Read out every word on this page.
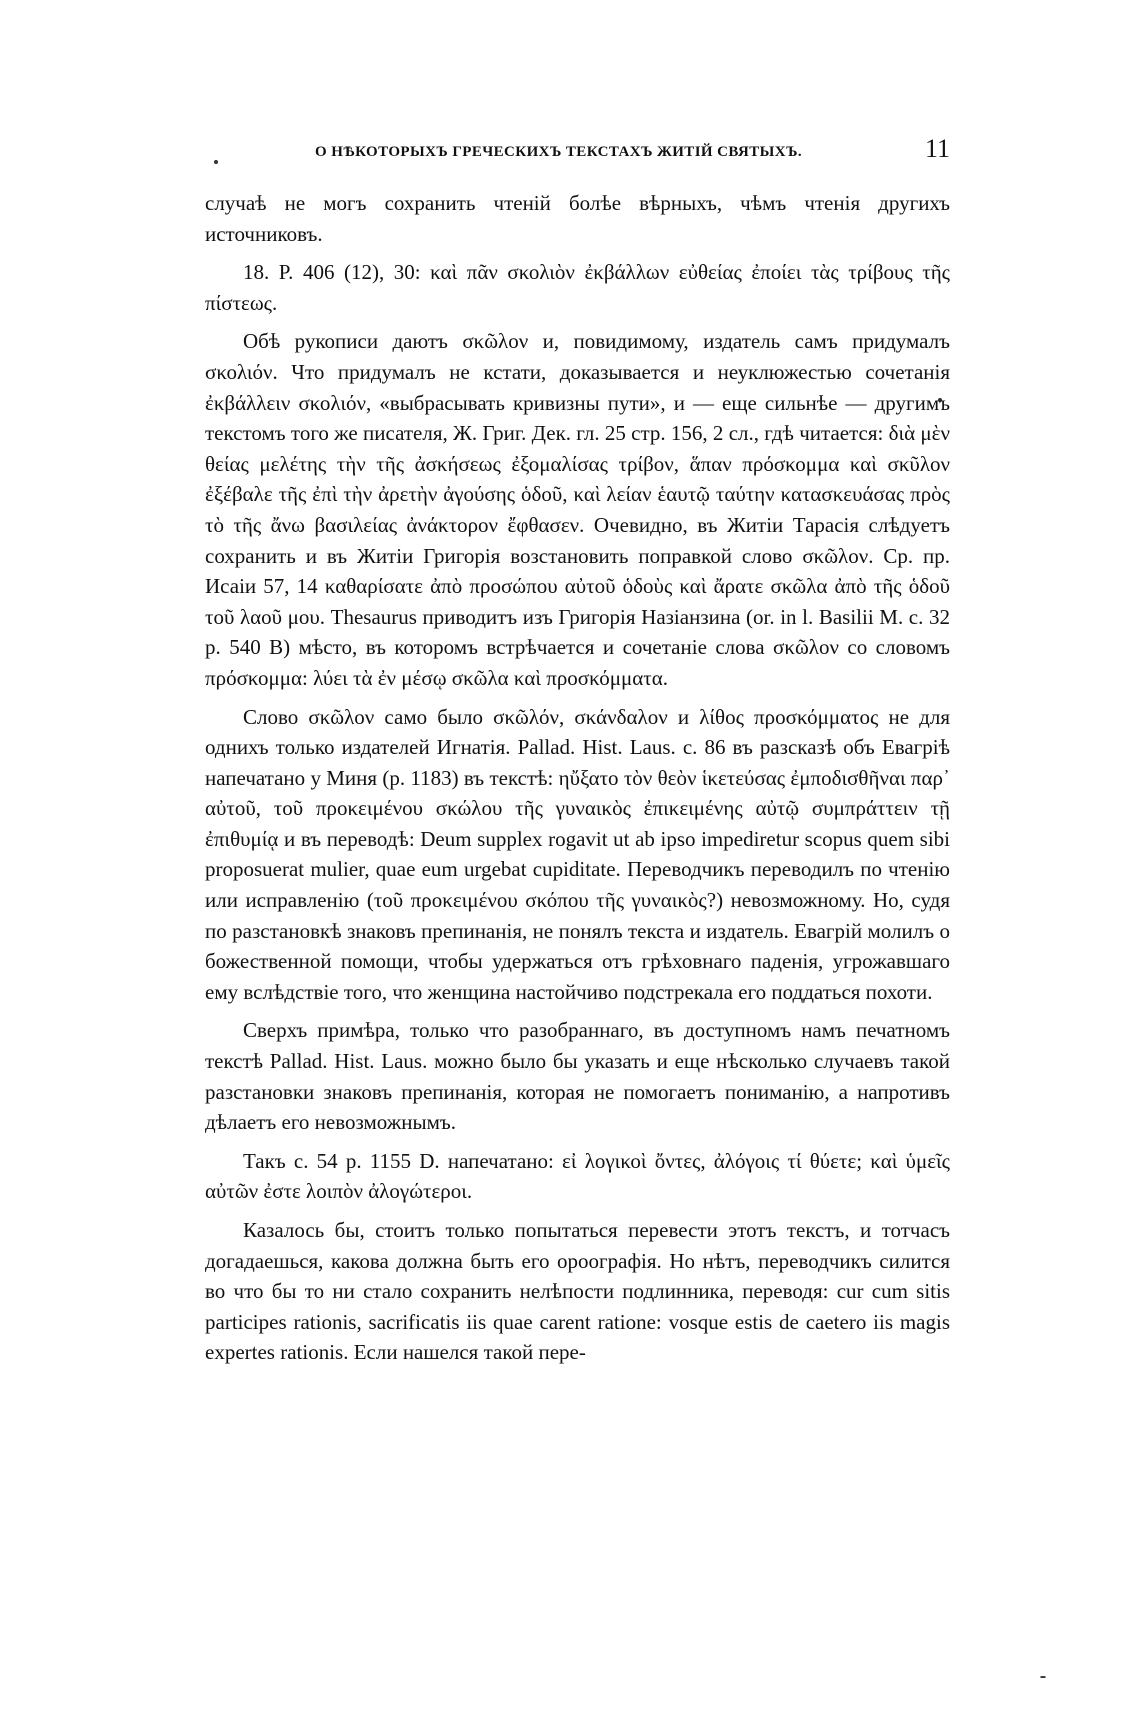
О НѢКОТОРЫХЪ ГРЕЧЕСКИХЪ ТЕКСТАХЪ ЖИТІЙ СВЯТЫХЪ.	11

случаѣ не могъ сохранить чтеній болѣе вѣрныхъ, чѣмъ чтенія другихъ источниковъ.

18. P. 406 (12), 30: καὶ πᾶν σκολιὸν ἐκβάλλων εὐθείας ἐποίει τὰς τρίβους τῆς πίστεως.

Обѣ рукописи даютъ σκῶλον и, повидимому, издатель самъ придумалъ σκολιόν. Что придумалъ не кстати, доказывается и неуклюжестью сочетанія ἐκβάλλειν σκολιόν, «выбрасывать кривизны пути», и — еще сильнѣе — другимъ текстомъ того же писателя, Ж. Григ. Дек. гл. 25 стр. 156, 2 сл., гдѣ читается: διὰ μὲν θείας μελέτης τὴν τῆς ἀσκήσεως ἐξομαλίσας τρίβον, ἅπαν πρόσκομμα καὶ σκῦλον ἐξέβαλε τῆς ἐπὶ τὴν ἀρετὴν ἀγούσης ὁδοῦ, καὶ λείαν ἑαυτῷ ταύτην κατασκευάσας πρὸς τὸ τῆς ἄνω βασιλείας ἀνάκτορον ἔφθασεν. Очевидно, въ Житіи Тарасія слѣдуетъ сохранить и въ Житіи Григорія возстановить поправкой слово σκῶλον. Ср. пр. Исаіи 57, 14 καθαρίσατε ἀπὸ προσώπου αὐτοῦ ὁδοὺς καὶ ἄρατε σκῶλα ἀπὸ τῆς ὁδοῦ τοῦ λαοῦ μου. Thesaurus приводитъ изъ Григорія Назіанзина (or. in l. Basilii M. c. 32 p. 540 B) мѣсто, въ которомъ встрѣчается и сочетаніе слова σκῶλον со словомъ πρόσκομμα: λύει τὰ ἐν μέσῳ σκῶλα καὶ προσκόμματα.

Слово σκῶλον само было σκῶλόν, σκάνδαλον и λίθος προσκόμματος не для однихъ только издателей Игнатія. Pallad. Hist. Laus. c. 86 въ разсказѣ объ Евагріѣ напечатано у Миня (p. 1183) въ текстѣ: ηὔξατο τὸν θεὸν ἱκετεύσας ἐμποδισθῆναι παρ᾽ αὐτοῦ, τοῦ προκειμένου σκώλου τῆς γυναικὸς ἐπικειμένης αὐτῷ συμπράττειν τῇ ἐπιθυμίᾳ и въ переводѣ: Deum supplex rogavit ut ab ipso impediretur scopus quem sibi proposuerat mulier, quae eum urgebat cupiditate. Переводчикъ переводилъ по чтенію или исправленію (τοῦ προκειμένου σκόπου τῆς γυναικὸς?) невозможному. Но, судя по разстановкѣ знаковъ препинанія, не понялъ текста и издатель. Евагрій молилъ о божественной помощи, чтобы удержаться отъ грѣховнаго паденія, угрожавшаго ему вслѣдствіе того, что женщина настойчиво подстрекала его поддаться похоти.

Сверхъ примѣра, только что разобраннаго, въ доступномъ намъ печатномъ текстѣ Pallad. Hist. Laus. можно было бы указать и еще нѣсколько случаевъ такой разстановки знаковъ препинанія, которая не помогаетъ пониманію, а напротивъ дѣлаетъ его невозможнымъ.

Такъ c. 54 p. 1155 D. напечатано: εἰ λογικοὶ ὄντες, ἀλόγοις τί θύετε; καὶ ὑμεῖς αὐτῶν ἐστε λοιπὸν ἀλογώτεροι.

Казалось бы, стоитъ только попытаться перевести этотъ текстъ, и тотчасъ догадаешься, какова должна быть его ороографія. Но нѣтъ, переводчикъ силится во что бы то ни стало сохранить нелѣпости подлинника, переводя: cur cum sitis participes rationis, sacrificatis iis quae carent ratione: vosque estis de caetero iis magis expertes rationis. Если нашелся такой пере-
